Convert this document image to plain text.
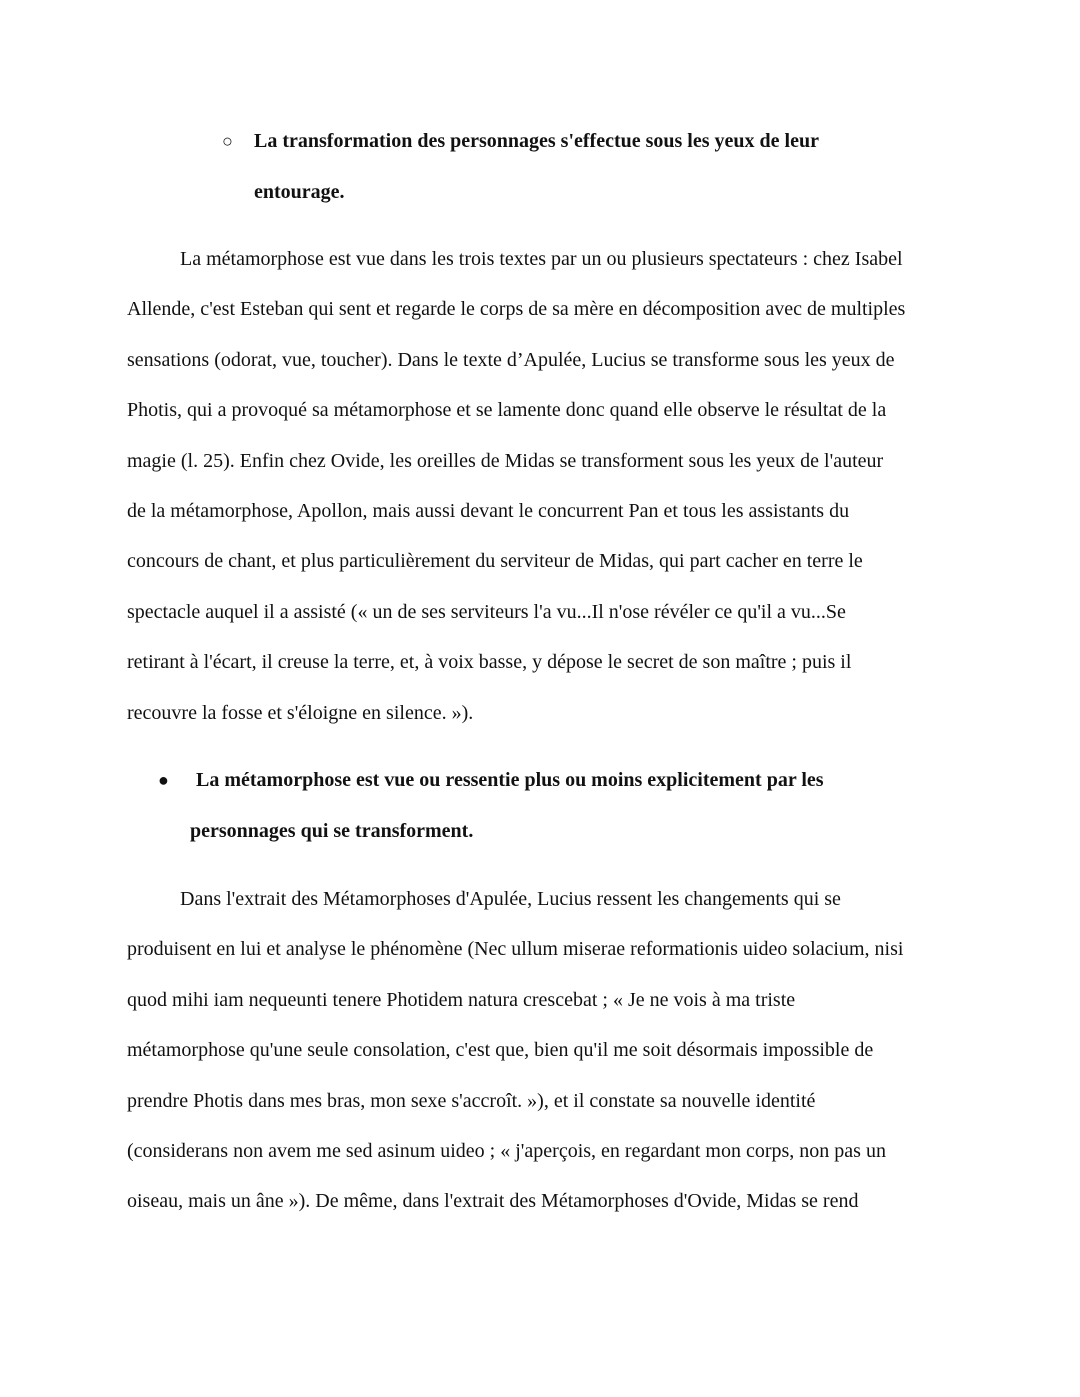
○ La transformation des personnages s'effectue sous les yeux de leur
entourage.

La métamorphose est vue dans les trois textes par un ou plusieurs spectateurs : chez Isabel
Allende, c'est Esteban qui sent et regarde le corps de sa mère en décomposition avec de multiples
sensations (odorat, vue, toucher). Dans le texte d’Apulée, Lucius se transforme sous les yeux de
Photis, qui a provoqué sa métamorphose et se lamente donc quand elle observe le résultat de la
magie (l. 25). Enfin chez Ovide, les oreilles de Midas se transforment sous les yeux de l'auteur
de la métamorphose, Apollon, mais aussi devant le concurrent Pan et tous les assistants du
concours de chant, et plus particulièrement du serviteur de Midas, qui part cacher en terre le
spectacle auquel il a assisté (« un de ses serviteurs l'a vu...Il n'ose révéler ce qu'il a vu...Se
retirant à l'écart, il creuse la terre, et, à voix basse, y dépose le secret de son maître ; puis il
recouvre la fosse et s'éloigne en silence. »).

●	La métamorphose est vue ou ressentie plus ou moins explicitement par les
personnages qui se transforment.

Dans l'extrait des Métamorphoses d'Apulée, Lucius ressent les changements qui se
produisent en lui et analyse le phénomène (Nec ullum miserae reformationis uideo solacium, nisi
quod mihi iam nequeunti tenere Photidem natura crescebat ; « Je ne vois à ma triste
métamorphose qu'une seule consolation, c'est que, bien qu'il me soit désormais impossible de
prendre Photis dans mes bras, mon sexe s'accroît. »), et il constate sa nouvelle identité
(considerans non avem me sed asinum uideo ; « j'aperçois, en regardant mon corps, non pas un
oiseau, mais un âne »). De même, dans l'extrait des Métamorphoses d'Ovide, Midas se rend
